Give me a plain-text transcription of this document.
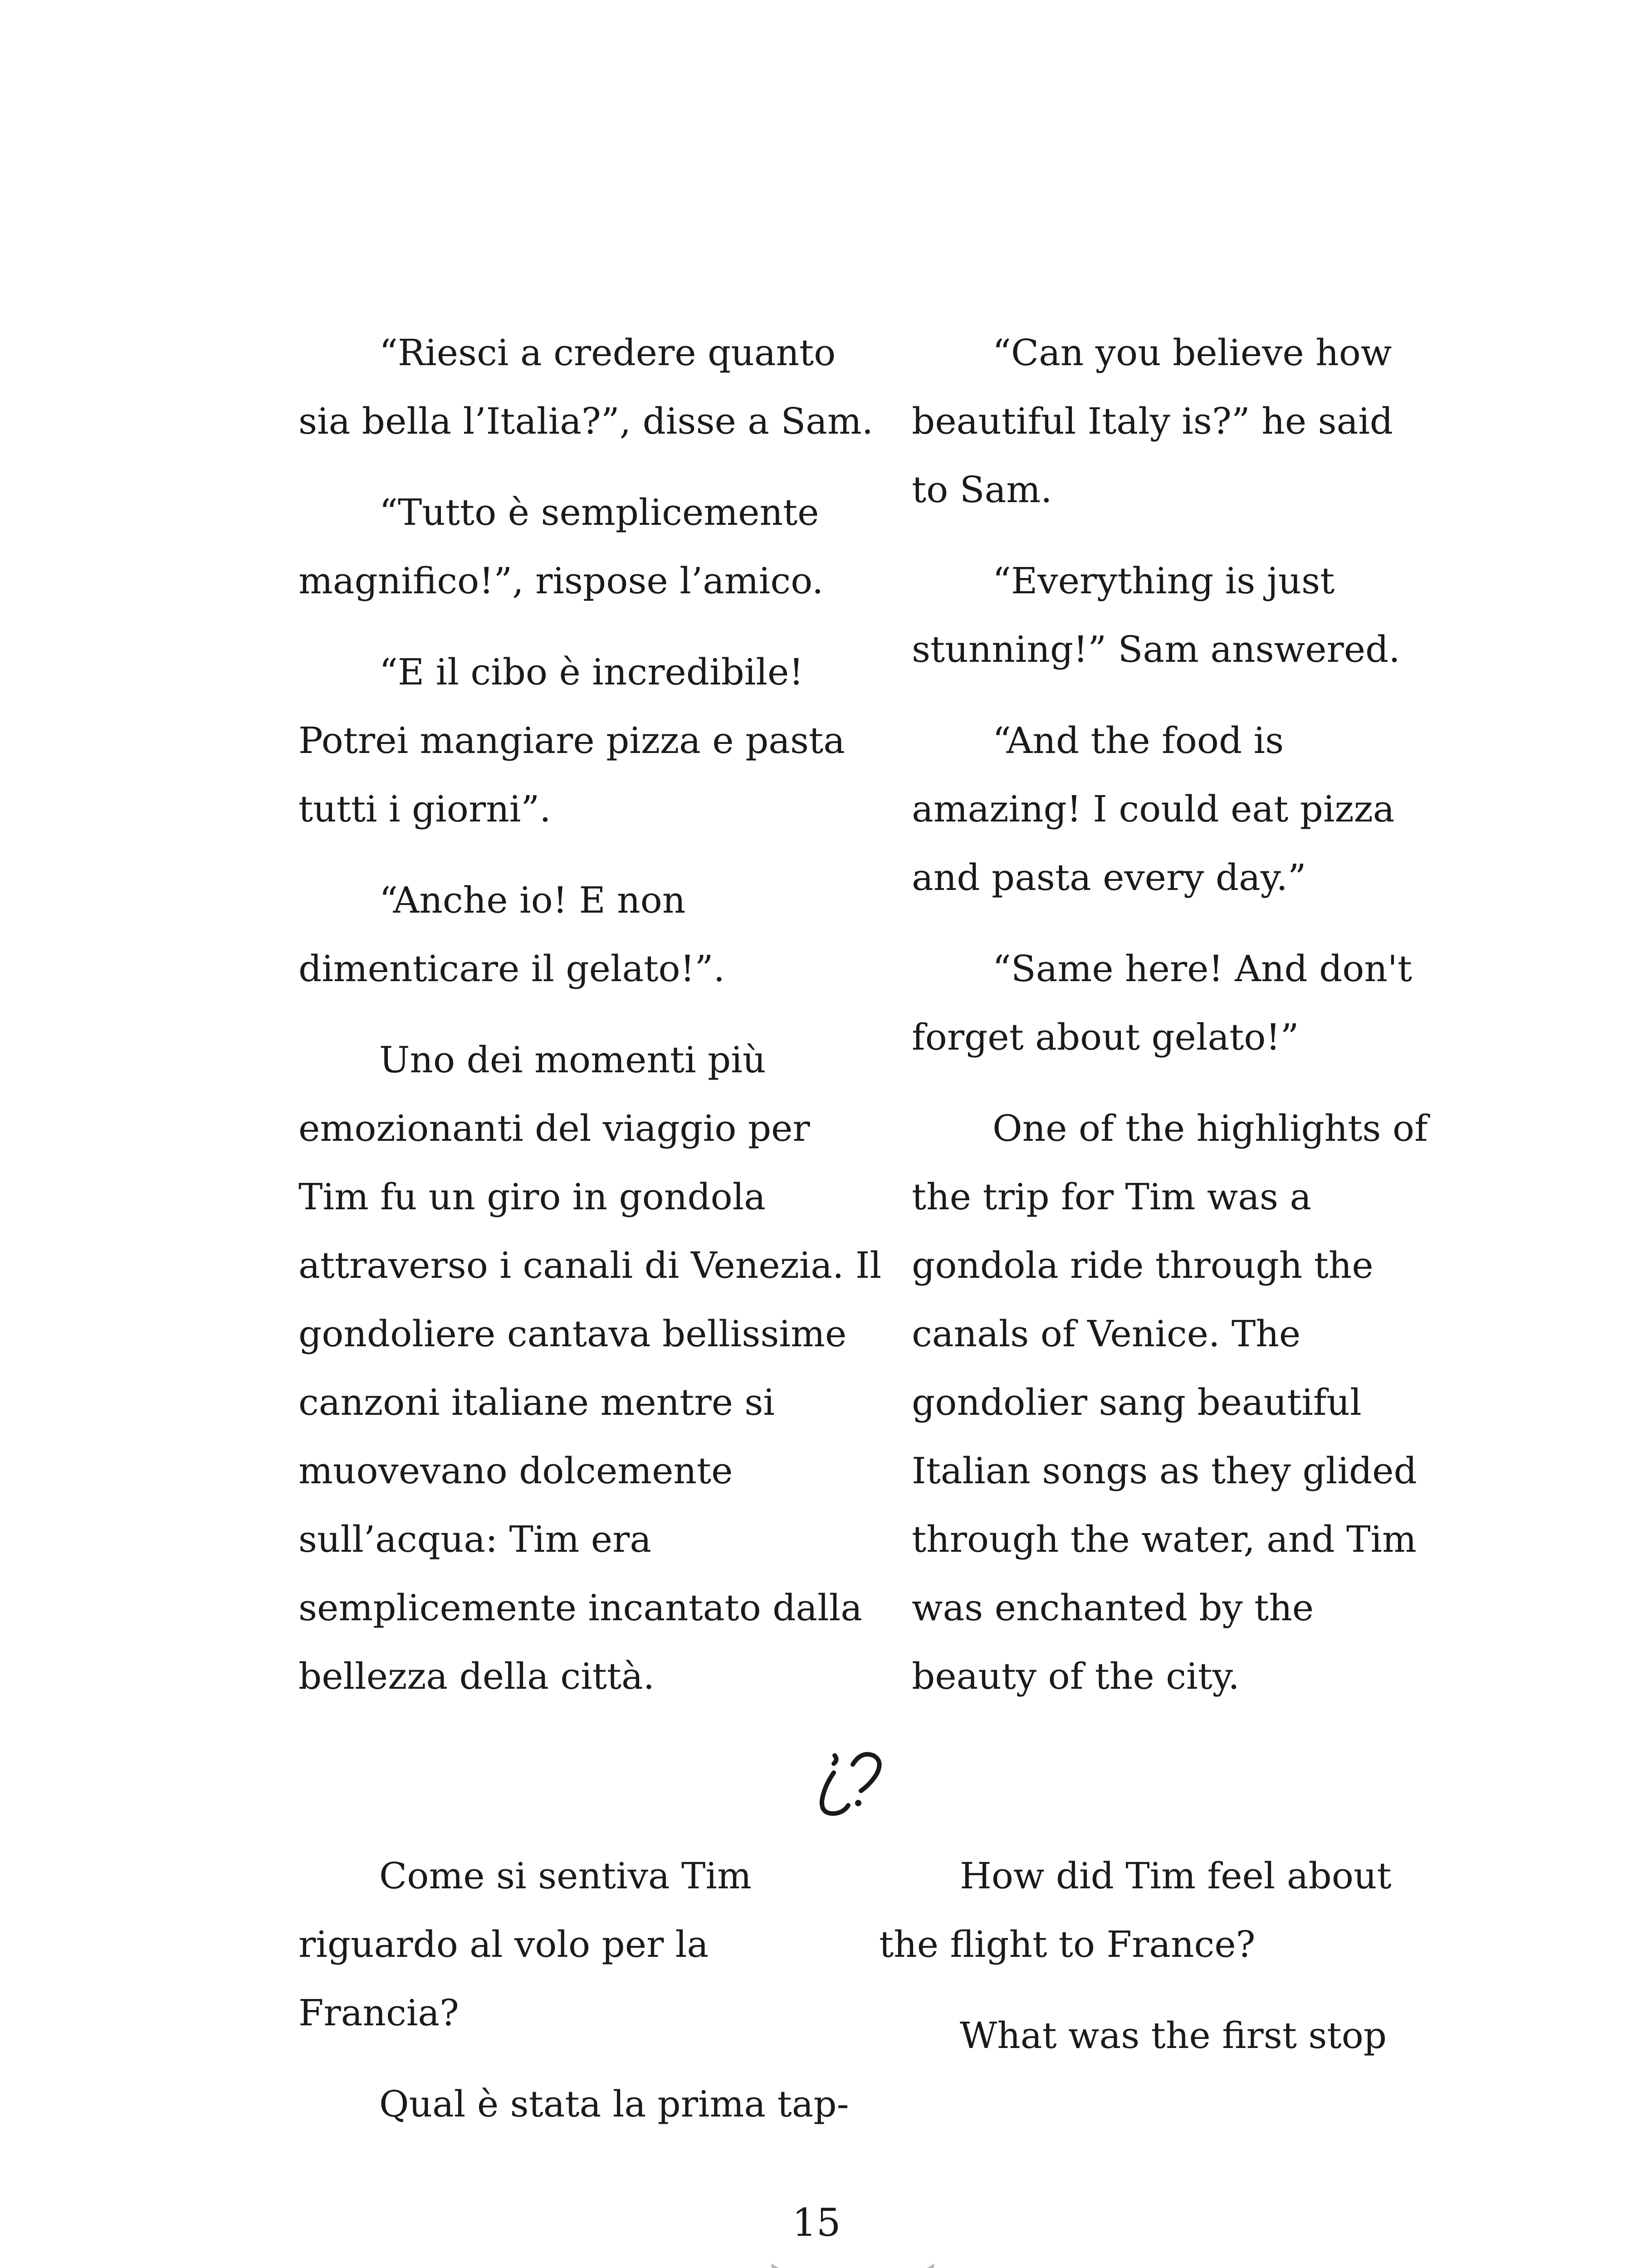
“Riesci a credere quanto sia bella l’Italia?”, disse a Sam.

“Tutto è semplicemente magnifico!”, rispose l’amico.

“E il cibo è incredibile! Potrei mangiare pizza e pasta tutti i giorni”.

“Anche io! E non dimenticare il gelato!”.

Uno dei momenti più emozionanti del viaggio per Tim fu un giro in gondola attraverso i canali di Venezia. Il gondoliere cantava bellissime canzoni italiane mentre si muovevano dolcemente sull’acqua: Tim era semplicemente incantato dalla bellezza della città.

“Can you believe how beautiful Italy is?” he said to Sam.

“Everything is just stunning!” Sam answered.

“And the food is amazing! I could eat pizza and pasta every day.”

“Same here! And don't forget about gelato!”

One of the highlights of the trip for Tim was a gondola ride through the canals of Venice. The gondolier sang beautiful Italian songs as they glided through the water, and Tim was enchanted by the beauty of the city.

Come si sentiva Tim riguardo al volo per la Francia?

Qual è stata la prima tap-

How did Tim feel about the flight to France?

What was the first stop

15
